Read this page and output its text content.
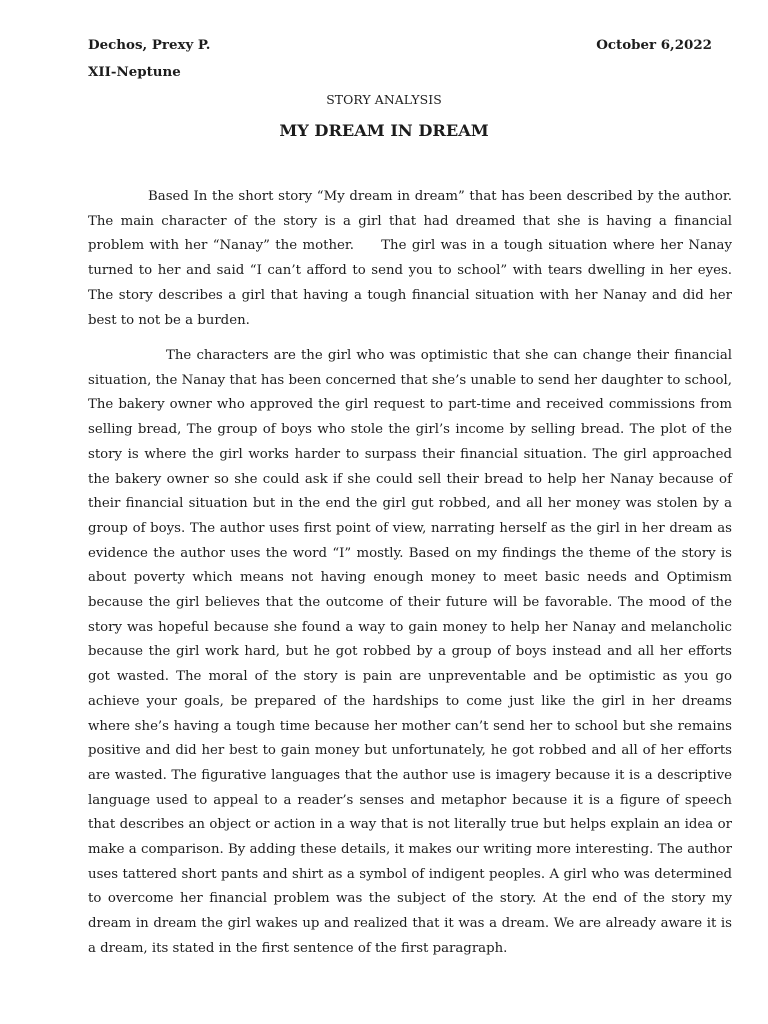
Dechos, Prexy P.	October 6,2022
XII-Neptune
STORY ANALYSIS
MY DREAM IN DREAM

Based In the short story “My dream in dream” that has been described by the author. The main character of the story is a girl that had dreamed that she is having a financial problem with her “Nanay” the mother.     The girl was in a tough situation where her Nanay turned to her and said “I can’t afford to send you to school” with tears dwelling in her eyes. The story describes a girl that having a tough financial situation with her Nanay and did her best to not be a burden.

The characters are the girl who was optimistic that she can change their financial situation, the Nanay that has been concerned that she’s unable to send her daughter to school, The bakery owner who approved the girl request to part-time and received commissions from selling bread, The group of boys who stole the girl’s income by selling bread. The plot of the story is where the girl works harder to surpass their financial situation. The girl approached the bakery owner so she could ask if she could sell their bread to help her Nanay because of their financial situation but in the end the girl gut robbed, and all her money was stolen by a group of boys. The author uses first point of view, narrating herself as the girl in her dream as evidence the author uses the word “I” mostly. Based on my findings the theme of the story is about poverty which means not having enough money to meet basic needs and Optimism because the girl believes that the outcome of their future will be favorable. The mood of the story was hopeful because she found a way to gain money to help her Nanay and melancholic because the girl work hard, but he got robbed by a group of boys instead and all her efforts got wasted. The moral of the story is pain are unpreventable and be optimistic as you go achieve your goals, be prepared of the hardships to come just like the girl in her dreams where she’s having a tough time because her mother can’t send her to school but she remains positive and did her best to gain money but unfortunately, he got robbed and all of her efforts are wasted. The figurative languages that the author use is imagery because it is a descriptive language used to appeal to a reader’s senses and metaphor because it is a figure of speech that describes an object or action in a way that is not literally true but helps explain an idea or make a comparison. By adding these details, it makes our writing more interesting. The author uses tattered short pants and shirt as a symbol of indigent peoples. A girl who was determined to overcome her financial problem was the subject of the story. At the end of the story my dream in dream the girl wakes up and realized that it was a dream. We are already aware it is a dream, its stated in the first sentence of the first paragraph.
